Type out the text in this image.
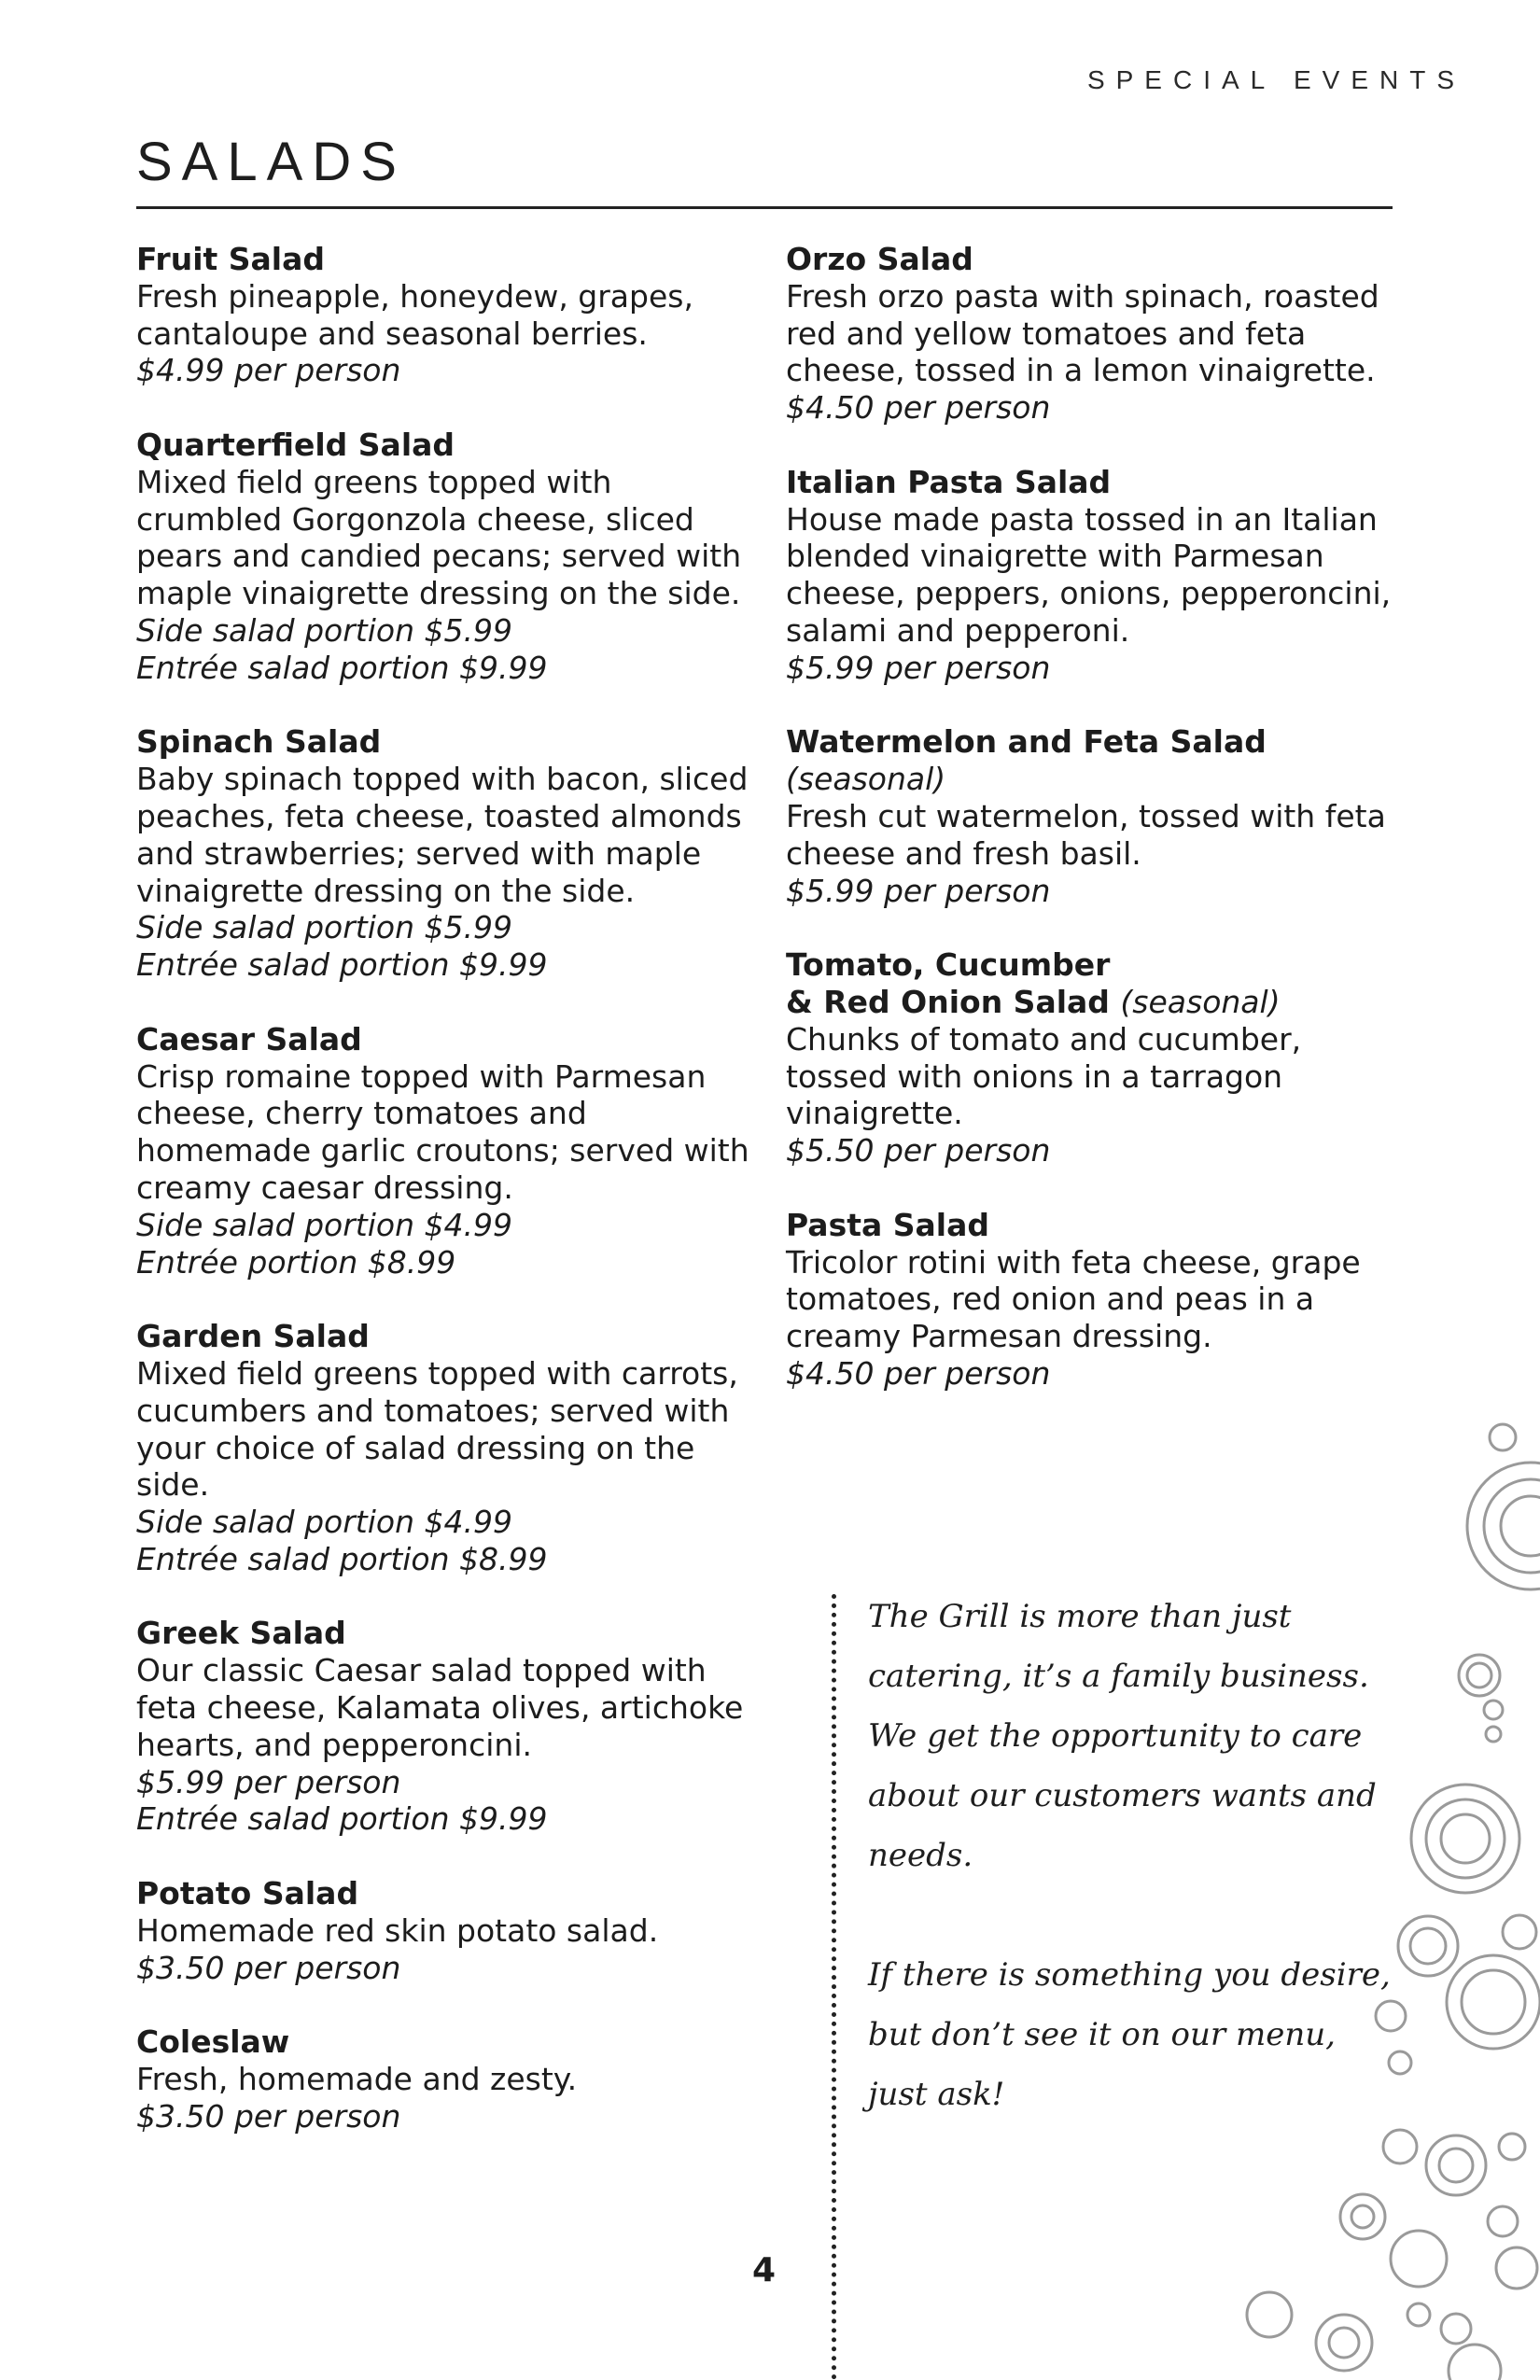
SPECIAL EVENTS
SALADS
Fruit Salad
Fresh pineapple, honeydew, grapes, cantaloupe and seasonal berries.
$4.99 per person
Quarterfield Salad
Mixed field greens topped with crumbled Gorgonzola cheese, sliced pears and candied pecans; served with maple vinaigrette dressing on the side.
Side salad portion $5.99
Entrée salad portion $9.99
Spinach Salad
Baby spinach topped with bacon, sliced peaches, feta cheese, toasted almonds and strawberries; served with maple vinaigrette dressing on the side.
Side salad portion $5.99
Entrée salad portion $9.99
Caesar Salad
Crisp romaine topped with Parmesan cheese, cherry tomatoes and homemade garlic croutons; served with creamy caesar dressing.
Side salad portion $4.99
Entrée portion $8.99
Garden Salad
Mixed field greens topped with carrots, cucumbers and tomatoes; served with your choice of salad dressing on the side.
Side salad portion $4.99
Entrée salad portion $8.99
Greek Salad
Our classic Caesar salad topped with feta cheese, Kalamata olives, artichoke hearts, and pepperoncini.
$5.99 per person
Entrée salad portion $9.99
Potato Salad
Homemade red skin potato salad.
$3.50 per person
Coleslaw
Fresh, homemade and zesty.
$3.50 per person
Orzo Salad
Fresh orzo pasta with spinach, roasted red and yellow tomatoes and feta cheese, tossed in a lemon vinaigrette.
$4.50 per person
Italian Pasta Salad
House made pasta tossed in an Italian blended vinaigrette with Parmesan cheese, peppers, onions, pepperoncini, salami and pepperoni.
$5.99 per person
Watermelon and Feta Salad (seasonal)
Fresh cut watermelon, tossed with feta cheese and fresh basil.
$5.99 per person
Tomato, Cucumber
& Red Onion Salad (seasonal)
Chunks of tomato and cucumber, tossed with onions in a tarragon vinaigrette.
$5.50 per person
Pasta Salad
Tricolor rotini with feta cheese, grape tomatoes, red onion and peas in a creamy Parmesan dressing.
$4.50 per person

The Grill is more than just catering, it’s a family business. We get the opportunity to care about our customers wants and needs.

If there is something you desire, but don’t see it on our menu, just ask!

4
